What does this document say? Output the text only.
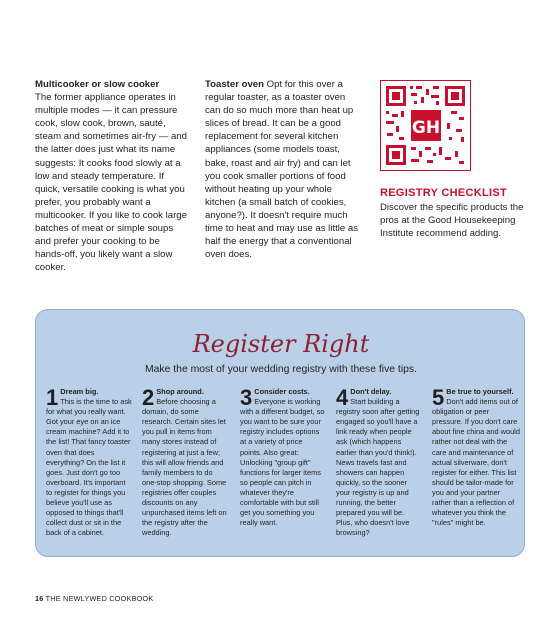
Multicooker or slow cooker

The former appliance operates in multiple modes — it can pressure cook, slow cook, brown, sauté, steam and sometimes air-fry — and the latter does just what its name suggests: It cooks food slowly at a low and steady temperature. If quick, versatile cooking is what you prefer, you probably want a multicooker. If you like to cook large batches of meat or simple soups and prefer your cooking to be hands-off, you likely want a slow cooker.

Toaster oven Opt for this over a regular toaster, as a toaster oven can do so much more than heat up slices of bread. It can be a good replacement for several kitchen appliances (some models toast, bake, roast and air fry) and can let you cook smaller portions of food without heating up your whole kitchen (a small batch of cookies, anyone?). It doesn't require much time to heat and may use as little as half the energy that a conventional oven does.

GH
REGISTRY CHECKLIST
Discover the specific products the pros at the Good Housekeeping Institute recommend adding.
Register Right
Make the most of your wedding registry with these five tips.
1 Dream big.
This is the time to ask for what you really want. Got your eye on an ice cream machine? Add it to the list! That fancy toaster oven that does everything? On the list it goes. Just don't go too overboard. It's important to register for things you believe you'll use as opposed to things that'll collect dust or sit in the back of a cabinet.
2 Shop around.
Before choosing a domain, do some research. Certain sites let you pull in items from many stores instead of registering at just a few; this will allow friends and family members to do one-stop shopping. Some registries offer couples discounts on any unpurchased items left on the registry after the wedding.
3 Consider costs.
Everyone is working with a different budget, so you want to be sure your registry includes options at a variety of price points. Also great: Unlocking "group gift" functions for larger items so people can pitch in whatever they're comfortable with but still get you something you really want.
4 Don't delay.
Start building a registry soon after getting engaged so you'll have a link ready when people ask (which happens earlier than you'd think!). News travels fast and showers can happen quickly, so the sooner your registry is up and running, the better prepared you will be. Plus, who doesn't love browsing?
5 Be true to yourself.
Don't add items out of obligation or peer pressure. If you don't care about fine china and would rather not deal with the care and maintenance of actual silverware, don't register for either. This list should be tailor-made for you and your partner rather than a reflection of whatever you think the "rules" might be.
16 THE NEWLYWED COOKBOOK
